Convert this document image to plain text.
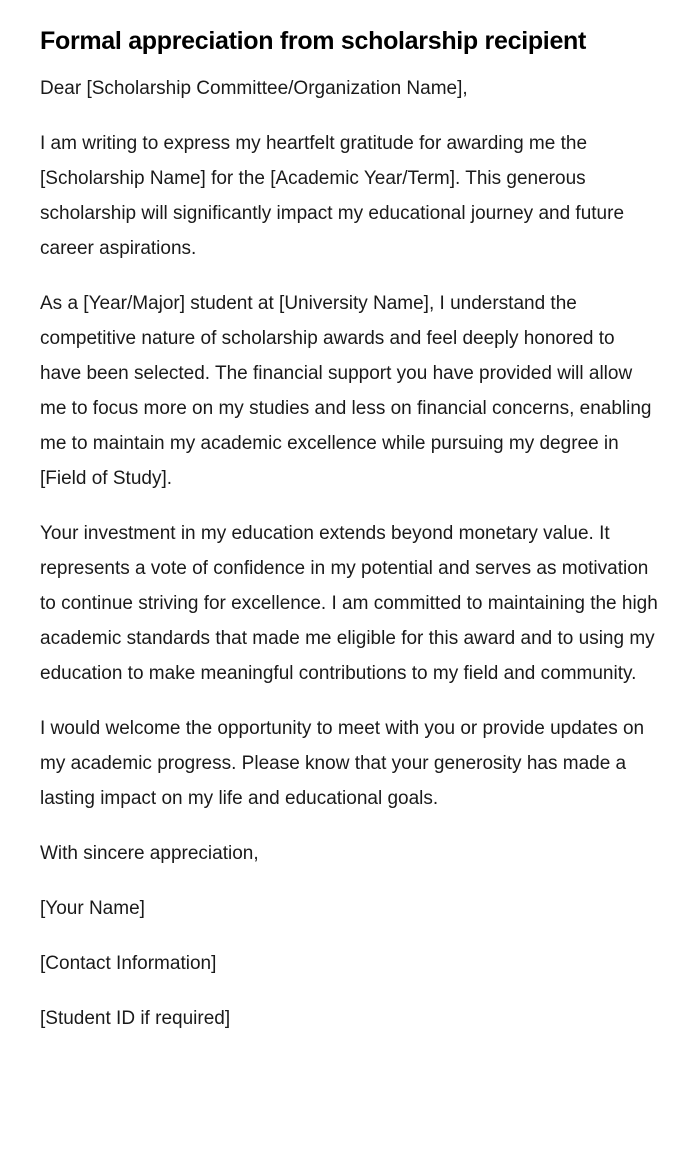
Formal appreciation from scholarship recipient

Dear [Scholarship Committee/Organization Name],

I am writing to express my heartfelt gratitude for awarding me the [Scholarship Name] for the [Academic Year/Term]. This generous scholarship will significantly impact my educational journey and future career aspirations.

As a [Year/Major] student at [University Name], I understand the competitive nature of scholarship awards and feel deeply honored to have been selected. The financial support you have provided will allow me to focus more on my studies and less on financial concerns, enabling me to maintain my academic excellence while pursuing my degree in [Field of Study].

Your investment in my education extends beyond monetary value. It represents a vote of confidence in my potential and serves as motivation to continue striving for excellence. I am committed to maintaining the high academic standards that made me eligible for this award and to using my education to make meaningful contributions to my field and community.

I would welcome the opportunity to meet with you or provide updates on my academic progress. Please know that your generosity has made a lasting impact on my life and educational goals.

With sincere appreciation,

[Your Name]

[Contact Information]

[Student ID if required]
